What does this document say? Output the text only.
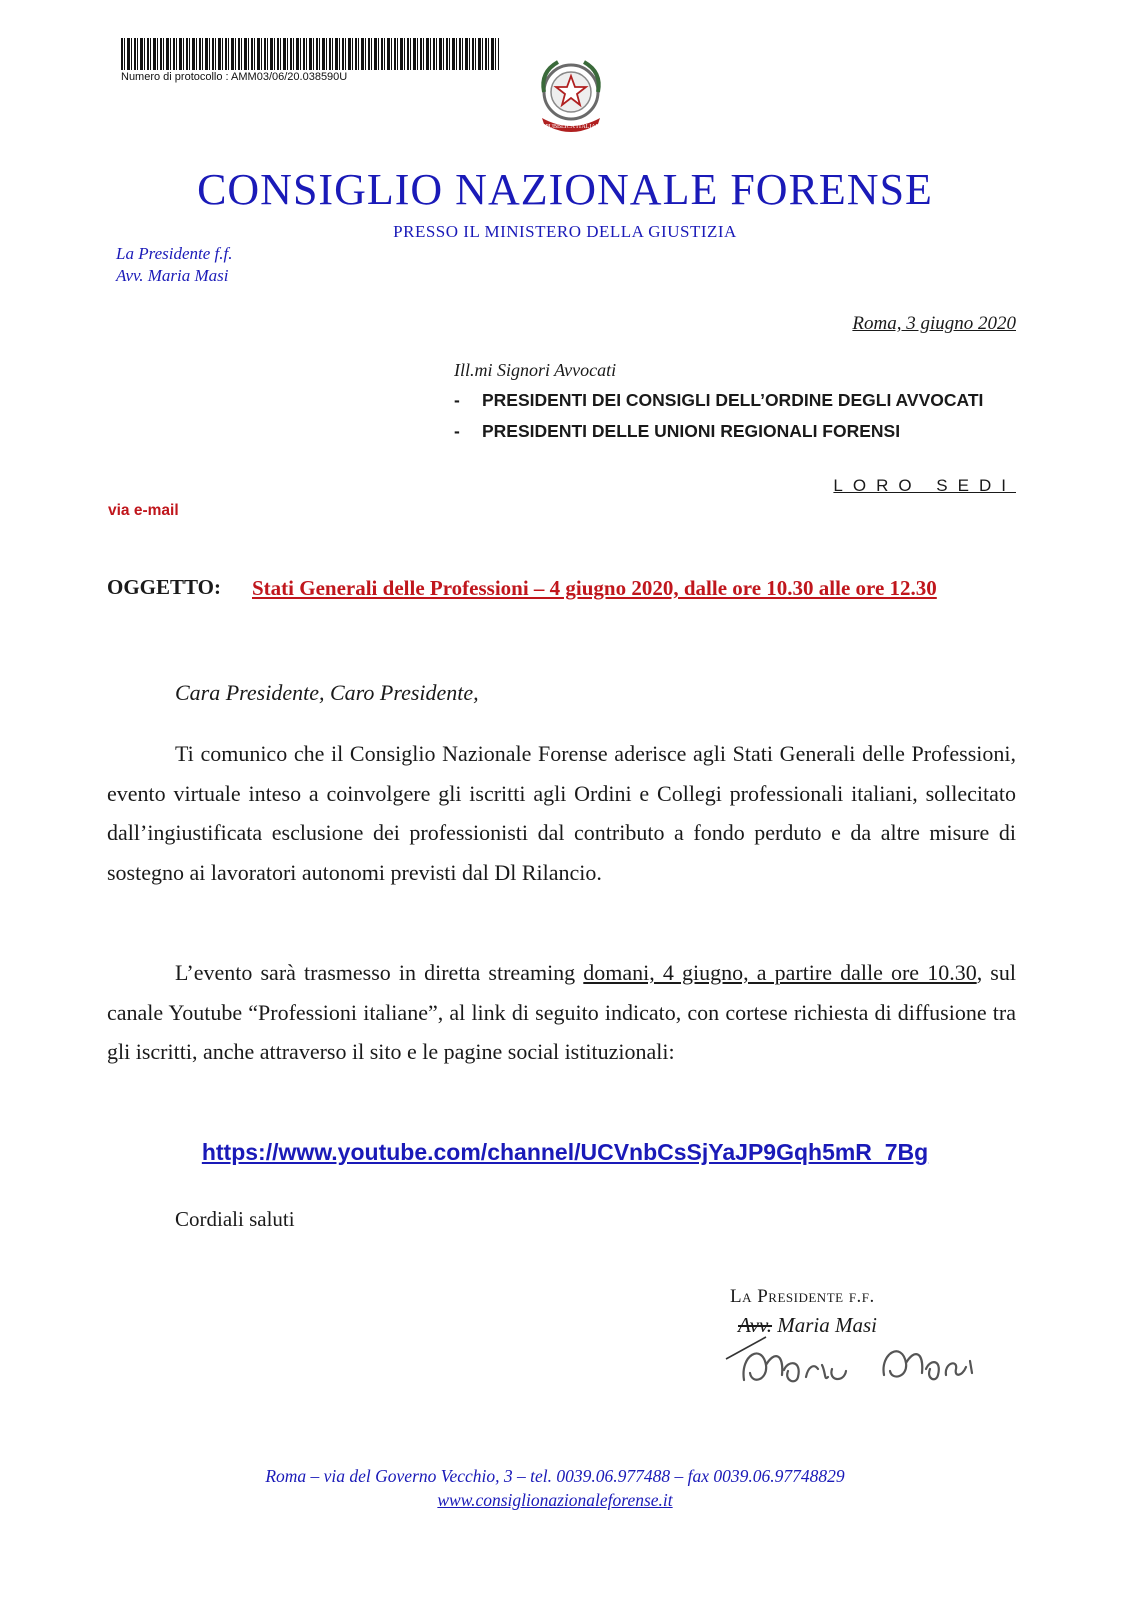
Numero di protocollo : AMM03/06/20.038590U
REPUBBLICA ITALIANA
CONSIGLIO NAZIONALE FORENSE
PRESSO IL MINISTERO DELLA GIUSTIZIA
La Presidente f.f.
Avv. Maria Masi
Roma, 3 giugno 2020
Ill.mi Signori Avvocati
-	PRESIDENTI DEI CONSIGLI DELL’ORDINE DEGLI AVVOCATI
-	PRESIDENTI DELLE UNIONI REGIONALI FORENSI
LORO SEDI
via e-mail
OGGETTO: Stati Generali delle Professioni – 4 giugno 2020, dalle ore 10.30 alle ore 12.30
Cara Presidente, Caro Presidente,
Ti comunico che il Consiglio Nazionale Forense aderisce agli Stati Generali delle Professioni, evento virtuale inteso a coinvolgere gli iscritti agli Ordini e Collegi professionali italiani, sollecitato dall’ingiustificata esclusione dei professionisti dal contributo a fondo perduto e da altre misure di sostegno ai lavoratori autonomi previsti dal Dl Rilancio.
L’evento sarà trasmesso in diretta streaming domani, 4 giugno, a partire dalle ore 10.30, sul canale Youtube “Professioni italiane”, al link di seguito indicato, con cortese richiesta di diffusione tra gli iscritti, anche attraverso il sito e le pagine social istituzionali:
https://www.youtube.com/channel/UCVnbCsSjYaJP9Gqh5mR_7Bg
Cordiali saluti
La Presidente f.f.
Avv. Maria Masi
Roma – via del Governo Vecchio, 3 – tel. 0039.06.977488 – fax 0039.06.97748829
www.consiglionazionaleforense.it
